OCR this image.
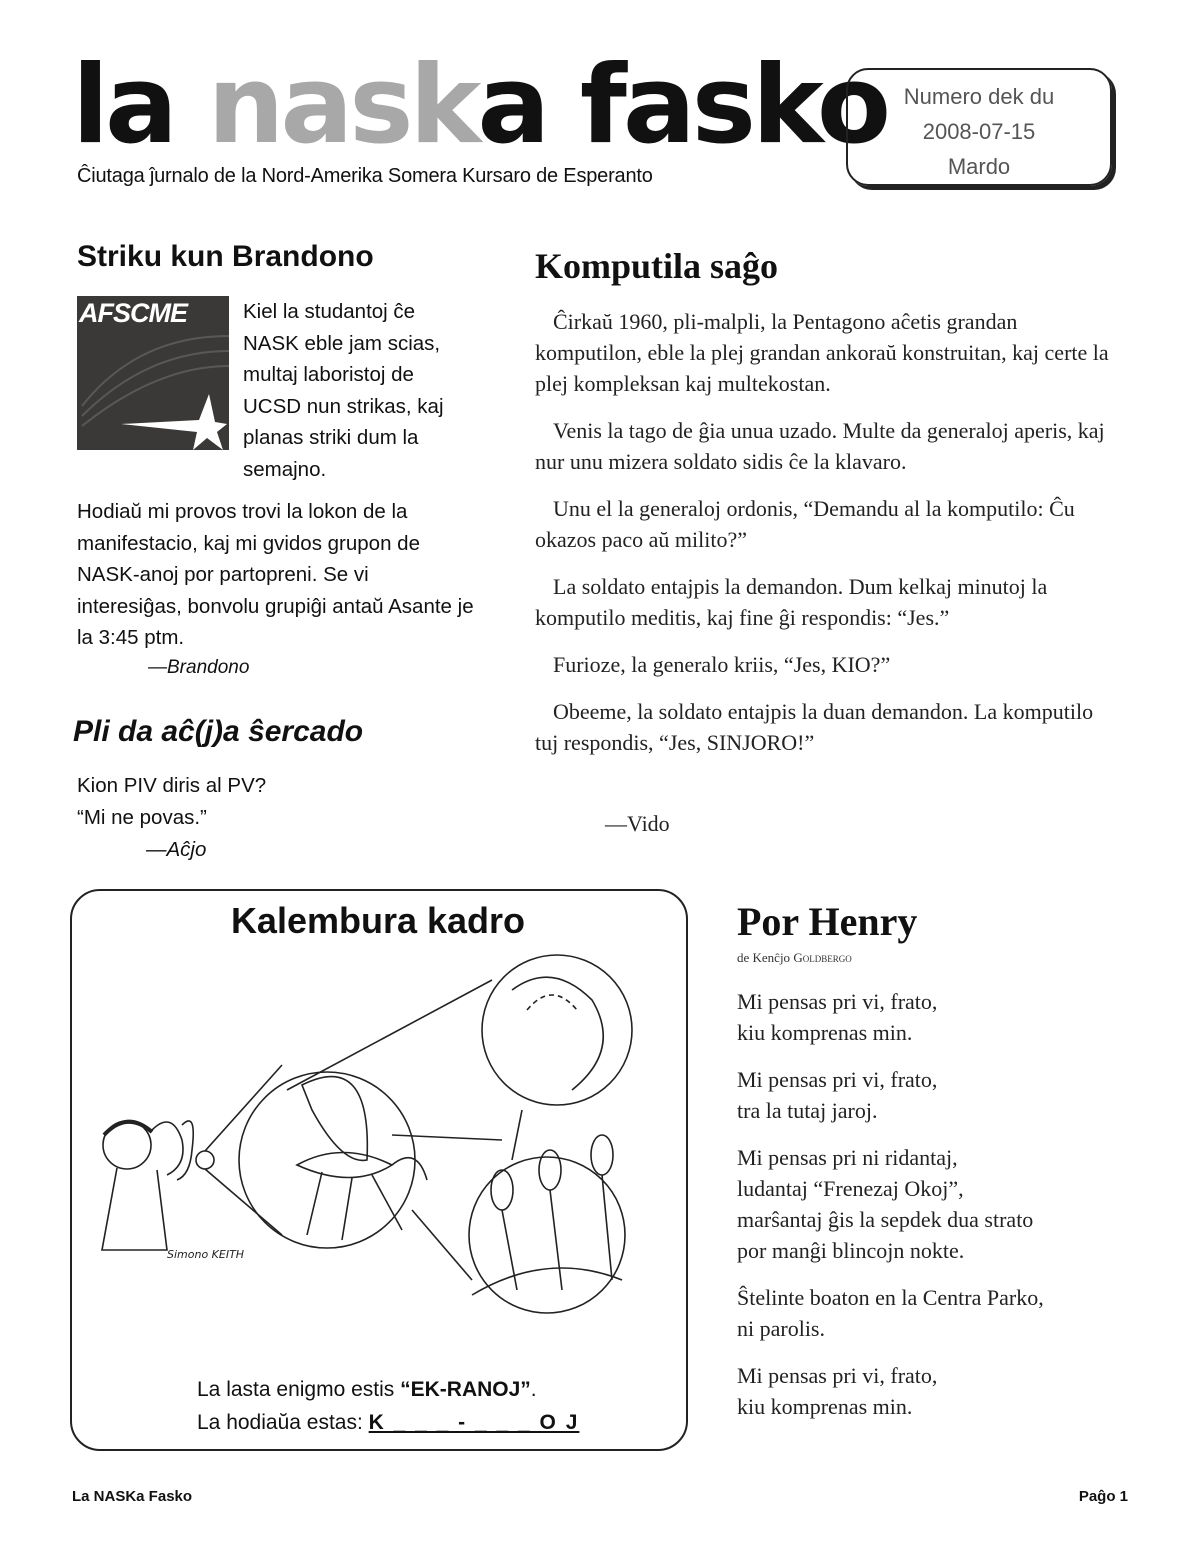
la naska fasko
Ĉiutaga ĵurnalo de la Nord-Amerika Somera Kursaro de Esperanto
Numero dek du
2008-07-15
Mardo
Striku kun Brandono
AFSCME	Kiel la studantoj ĉe NASK eble jam scias, multaj laboristoj de UCSD nun strikas, kaj planas striki dum la semajno.
Hodiaŭ mi provos trovi la lokon de la manifestacio, kaj mi gvidos grupon de NASK-anoj por partopreni. Se vi interesiĝas, bonvolu grupiĝi antaŭ Asante je la 3:45 ptm.
—Brandono
Pli da aĉ(j)a ŝercado
Kion PIV diris al PV?
“Mi ne povas.”
—Aĉjo
Komputila saĝo

Ĉirkaŭ 1960, pli-malpli, la Pentagono aĉetis grandan komputilon, eble la plej grandan ankoraŭ konstruitan, kaj certe la plej kompleksan kaj multekostan.

Venis la tago de ĝia unua uzado. Multe da generaloj aperis, kaj nur unu mizera soldato sidis ĉe la klavaro.

Unu el la generaloj ordonis, “Demandu al la komputilo: Ĉu okazos paco aŭ milito?”

La soldato entajpis la demandon. Dum kelkaj minutoj la komputilo meditis, kaj fine ĝi respondis: “Jes.”

Furioze, la generalo kriis, “Jes, KIO?”

Obeeme, la soldato entajpis la duan demandon. La komputilo tuj respondis, “Jes, SINJORO!”

—Vido
Kalembura kadro
Simono KEITH
La lasta enigmo estis “EK-RANOJ”.
La hodiaŭa estas: K _ _ _ - _ _ _ O J
Por Henry
de Kenĉjo Goldbergo

Mi pensas pri vi, frato,
kiu komprenas min.

Mi pensas pri vi, frato,
tra la tutaj jaroj.

Mi pensas pri ni ridantaj,
ludantaj “Frenezaj Okoj”,
marŝantaj ĝis la sepdek dua strato
por manĝi blincojn nokte.

Ŝtelinte boaton en la Centra Parko,
ni parolis.

Mi pensas pri vi, frato,
kiu komprenas min.

La NASKa Fasko	Paĝo 1
